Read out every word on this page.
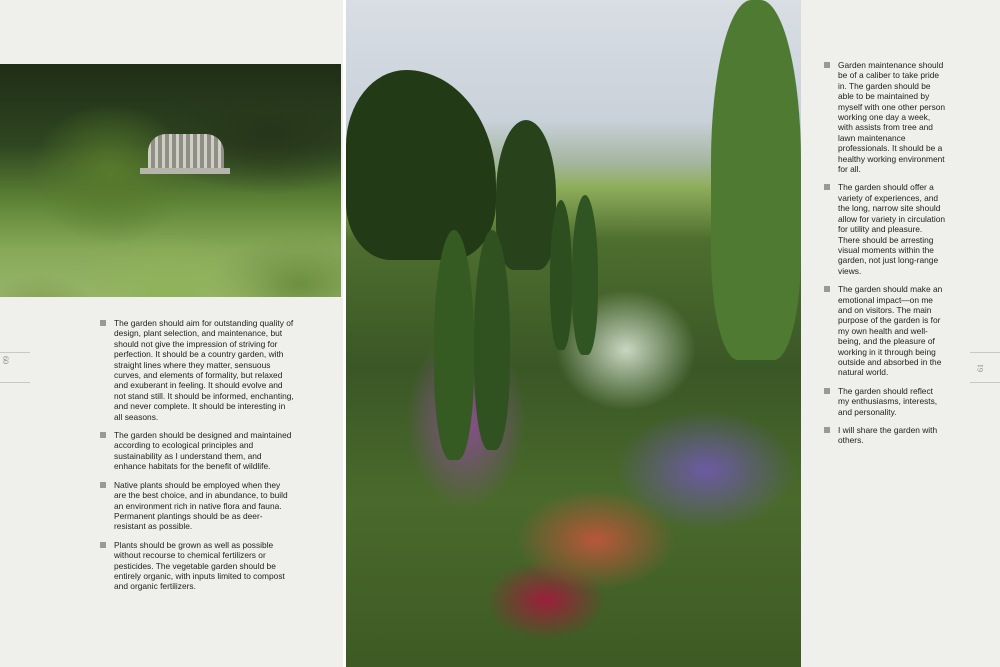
60
61
The garden should aim for outstanding quality of design, plant selection, and maintenance, but should not give the impression of striving for perfection. It should be a country garden, with straight lines where they matter, sensuous curves, and elements of formality, but relaxed and exuberant in feeling. It should evolve and not stand still. It should be informed, enchanting, and never complete. It should be interesting in all seasons.
The garden should be designed and maintained according to ecological principles and sustainability as I understand them, and enhance habitats for the benefit of wildlife.
Native plants should be employed when they are the best choice, and in abundance, to build an environment rich in native flora and fauna. Permanent plantings should be as deer-resistant as possible.
Plants should be grown as well as possible without recourse to chemical fertilizers or pesticides. The vegetable garden should be entirely organic, with inputs limited to compost and organic fertilizers.
Garden maintenance should be of a caliber to take pride in. The garden should be able to be maintained by myself with one other person working one day a week, with assists from tree and lawn maintenance professionals. It should be a healthy working environment for all.
The garden should offer a variety of experiences, and the long, narrow site should allow for variety in circulation for utility and pleasure. There should be arresting visual moments within the garden, not just long-range views.
The garden should make an emotional impact—on me and on visitors. The main purpose of the garden is for my own health and well-being, and the pleasure of working in it through being outside and absorbed in the natural world.
The garden should reflect my enthusiasms, interests, and personality.
I will share the garden with others.
